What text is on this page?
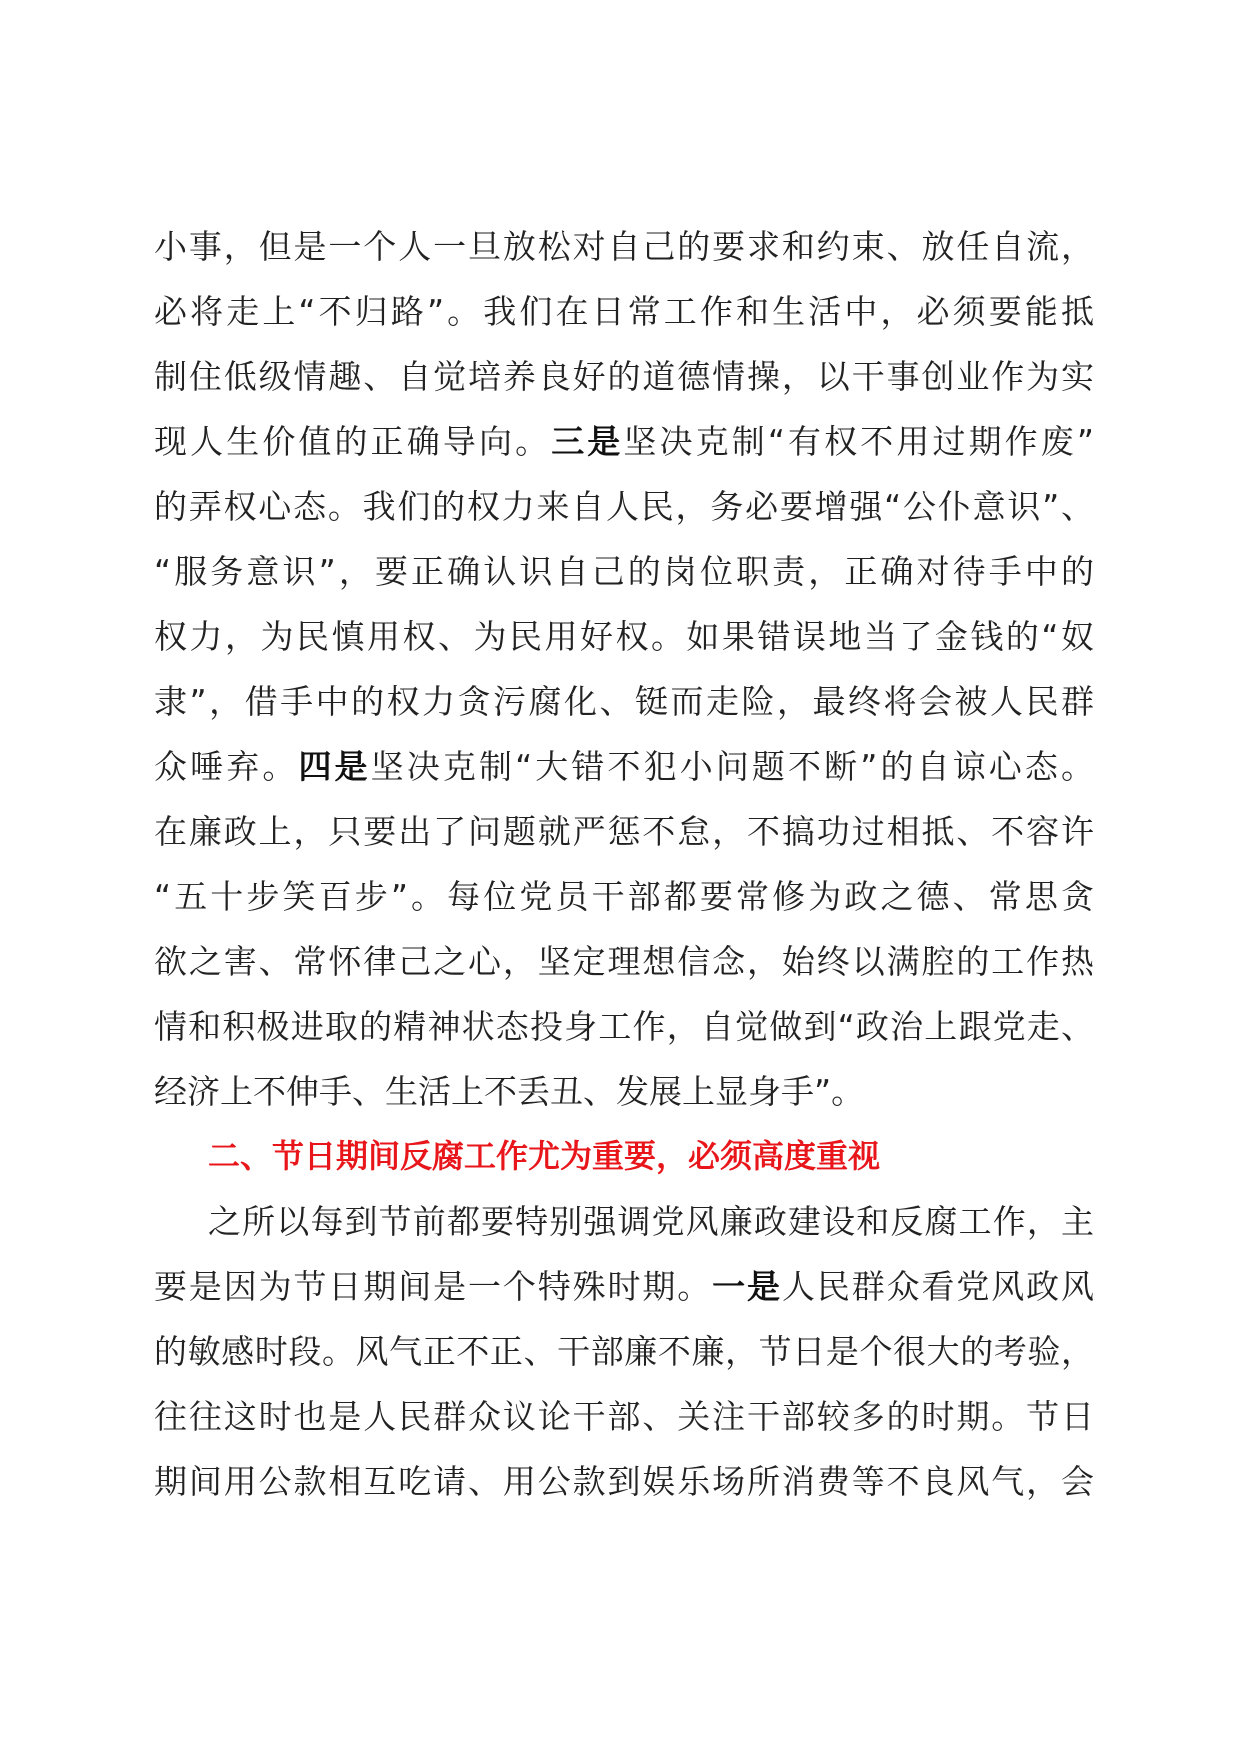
小事，但是一个人一旦放松对自己的要求和约束、放任自流，
必将走上“不归路”。我们在日常工作和生活中，必须要能抵
制住低级情趣、自觉培养良好的道德情操，以干事创业作为实
现人生价值的正确导向。三是坚决克制“有权不用过期作废”
的弄权心态。我们的权力来自人民，务必要增强“公仆意识”、
“服务意识”，要正确认识自己的岗位职责，正确对待手中的
权力，为民慎用权、为民用好权。如果错误地当了金钱的“奴
隶”，借手中的权力贪污腐化、铤而走险，最终将会被人民群
众唾弃。四是坚决克制“大错不犯小问题不断”的自谅心态。
在廉政上，只要出了问题就严惩不怠，不搞功过相抵、不容许
“五十步笑百步”。每位党员干部都要常修为政之德、常思贪
欲之害、常怀律己之心，坚定理想信念，始终以满腔的工作热
情和积极进取的精神状态投身工作，自觉做到“政治上跟党走、
经济上不伸手、生活上不丢丑、发展上显身手”。
二、节日期间反腐工作尤为重要，必须高度重视
之所以每到节前都要特别强调党风廉政建设和反腐工作，主
要是因为节日期间是一个特殊时期。一是人民群众看党风政风
的敏感时段。风气正不正、干部廉不廉，节日是个很大的考验，
往往这时也是人民群众议论干部、关注干部较多的时期。节日
期间用公款相互吃请、用公款到娱乐场所消费等不良风气，会
